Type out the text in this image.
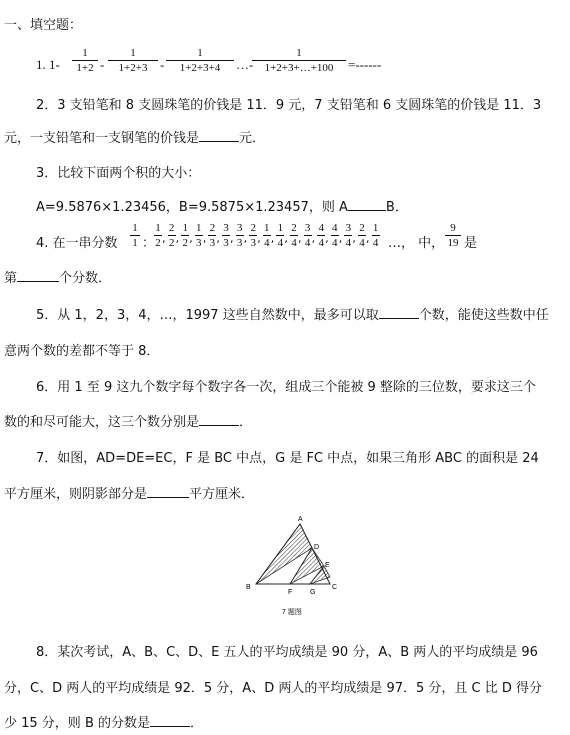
一、填空题：
1. 1-
1
1+2 -
1
1+2+3 -
1
1+2+3+4	…-
1
1+2+3+…+100	=------
2．3 支铅笔和 8 支圆珠笔的价钱是 11．9 元，7 支铅笔和 6 支圆珠笔的价钱是 11．3
元，一支铅笔和一支钢笔的价钱是	元．
3．比较下面两个积的大小：
A=9.5876×1.23456，B=9.5875×1.23457，则 A	B．
4. 在一串分数
1
1 ：
1
2 ,
2
2 ,
1
2 ,
1
3 ,
2
3 ,
3
3 ,
3
3 ,
2
3 ,
1
4 ,
1
4 ,
2
4 ,
3
4 ,
4
4 ,
4
4 ,
3
4 ,
2
4 ,
1
4 …， 中，
9
19 是
第	个分数．
5．从 1，2，3，4，…，1997 这些自然数中，最多可以取	个数，能使这些数中任
意两个数的差都不等于 8．
6．用 1 至 9 这九个数字每个数字各一次，组成三个能被 9 整除的三位数，要求这三个
数的和尽可能大，这三个数分别是	．
7．如图，AD=DE=EC，F 是 BC 中点，G 是 FC 中点，如果三角形 ABC 的面积是 24
平方厘米，则阴影部分是	平方厘米．
A
D
E
B	C
F	G
7 题图
8．某次考试，A、B、C、D、E 五人的平均成绩是 90 分，A、B 两人的平均成绩是 96
分，C、D 两人的平均成绩是 92．5 分，A、D 两人的平均成绩是 97．5 分，且 C 比 D 得分
少 15 分，则 B 的分数是	．
